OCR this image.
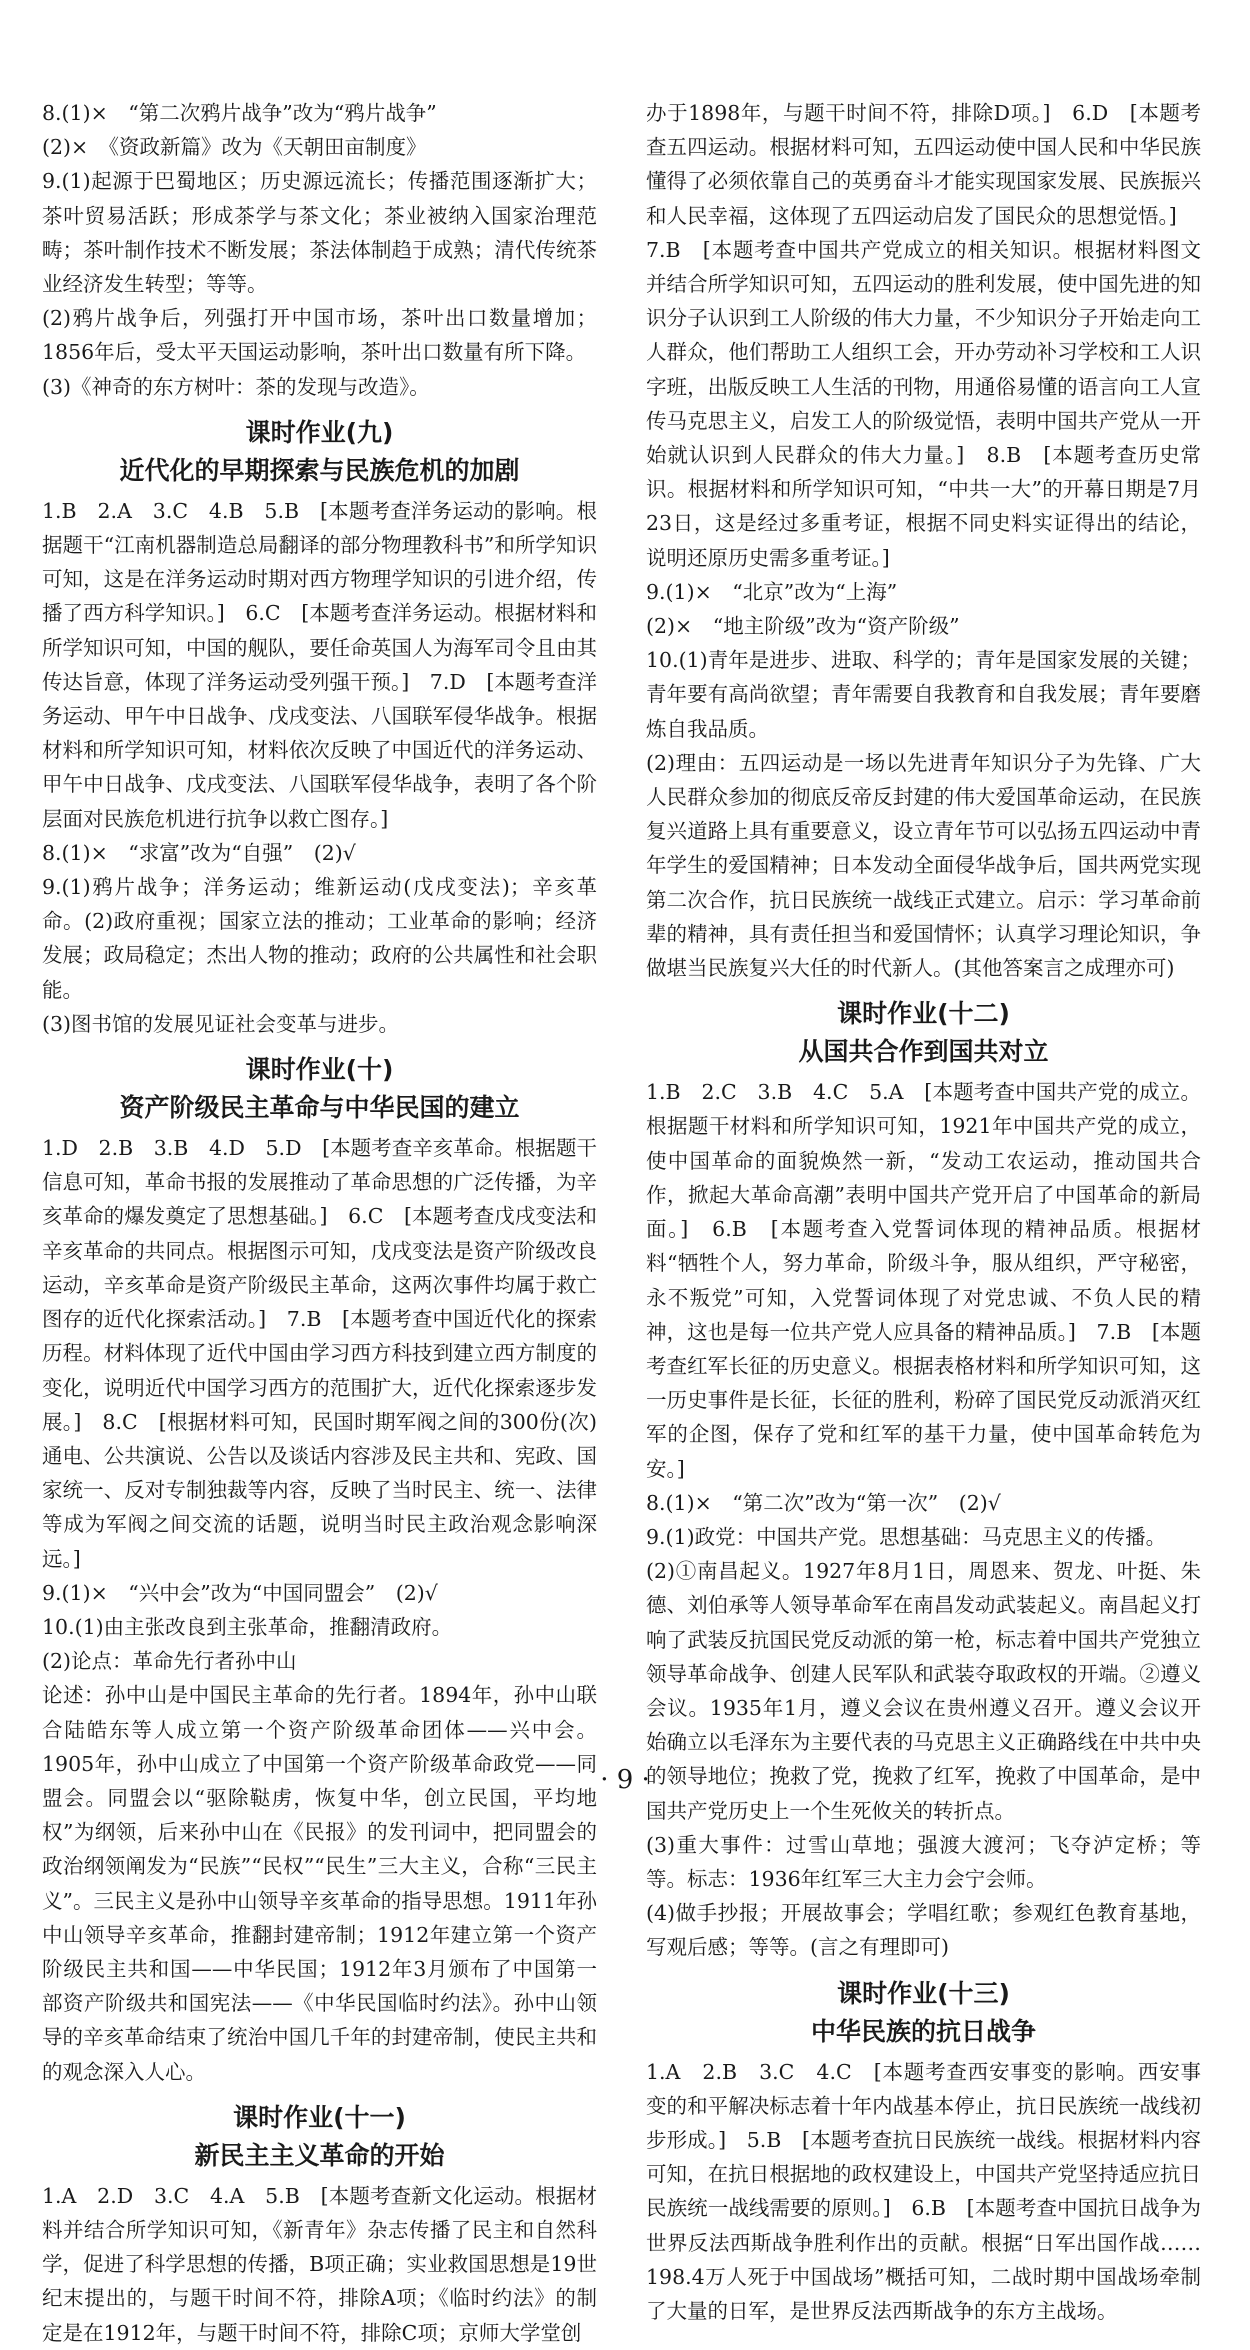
8.(1)×　“第二次鸦片战争”改为“鸦片战争”

(2)×　《资政新篇》改为《天朝田亩制度》

9.(1)起源于巴蜀地区；历史源远流长；传播范围逐渐扩大；茶叶贸易活跃；形成茶学与茶文化；茶业被纳入国家治理范畴；茶叶制作技术不断发展；茶法体制趋于成熟；清代传统茶业经济发生转型；等等。

(2)鸦片战争后，列强打开中国市场，茶叶出口数量增加；1856年后，受太平天国运动影响，茶叶出口数量有所下降。

(3)《神奇的东方树叶：茶的发现与改造》。

课时作业(九)
近代化的早期探索与民族危机的加剧

1.B　2.A　3.C　4.B　5.B　[本题考查洋务运动的影响。根据题干“江南机器制造总局翻译的部分物理教科书”和所学知识可知，这是在洋务运动时期对西方物理学知识的引进介绍，传播了西方科学知识。]　6.C　[本题考查洋务运动。根据材料和所学知识可知，中国的舰队，要任命英国人为海军司令且由其传达旨意，体现了洋务运动受列强干预。]　7.D　[本题考查洋务运动、甲午中日战争、戊戌变法、八国联军侵华战争。根据材料和所学知识可知，材料依次反映了中国近代的洋务运动、甲午中日战争、戊戌变法、八国联军侵华战争，表明了各个阶层面对民族危机进行抗争以救亡图存。]

8.(1)×　“求富”改为“自强”　(2)√

9.(1)鸦片战争；洋务运动；维新运动(戊戌变法)；辛亥革命。(2)政府重视；国家立法的推动；工业革命的影响；经济发展；政局稳定；杰出人物的推动；政府的公共属性和社会职能。

(3)图书馆的发展见证社会变革与进步。

课时作业(十)
资产阶级民主革命与中华民国的建立

1.D　2.B　3.B　4.D　5.D　[本题考查辛亥革命。根据题干信息可知，革命书报的发展推动了革命思想的广泛传播，为辛亥革命的爆发奠定了思想基础。]　6.C　[本题考查戊戌变法和辛亥革命的共同点。根据图示可知，戊戌变法是资产阶级改良运动，辛亥革命是资产阶级民主革命，这两次事件均属于救亡图存的近代化探索活动。]　7.B　[本题考查中国近代化的探索历程。材料体现了近代中国由学习西方科技到建立西方制度的变化，说明近代中国学习西方的范围扩大，近代化探索逐步发展。]　8.C　[根据材料可知，民国时期军阀之间的300份(次)通电、公共演说、公告以及谈话内容涉及民主共和、宪政、国家统一、反对专制独裁等内容，反映了当时民主、统一、法律等成为军阀之间交流的话题，说明当时民主政治观念影响深远。]

9.(1)×　“兴中会”改为“中国同盟会”　(2)√

10.(1)由主张改良到主张革命，推翻清政府。

(2)论点：革命先行者孙中山

论述：孙中山是中国民主革命的先行者。1894年，孙中山联合陆皓东等人成立第一个资产阶级革命团体——兴中会。1905年，孙中山成立了中国第一个资产阶级革命政党——同盟会。同盟会以“驱除鞑虏，恢复中华，创立民国，平均地权”为纲领，后来孙中山在《民报》的发刊词中，把同盟会的政治纲领阐发为“民族”“民权”“民生”三大主义，合称“三民主义”。三民主义是孙中山领导辛亥革命的指导思想。1911年孙中山领导辛亥革命，推翻封建帝制；1912年建立第一个资产阶级民主共和国——中华民国；1912年3月颁布了中国第一部资产阶级共和国宪法——《中华民国临时约法》。孙中山领导的辛亥革命结束了统治中国几千年的封建帝制，使民主共和的观念深入人心。

课时作业(十一)
新民主主义革命的开始

1.A　2.D　3.C　4.A　5.B　[本题考查新文化运动。根据材料并结合所学知识可知，《新青年》杂志传播了民主和自然科学，促进了科学思想的传播，B项正确；实业救国思想是19世纪末提出的，与题干时间不符，排除A项；《临时约法》的制定是在1912年，与题干时间不符，排除C项；京师大学堂创

办于1898年，与题干时间不符，排除D项。]　6.D　[本题考查五四运动。根据材料可知，五四运动使中国人民和中华民族懂得了必须依靠自己的英勇奋斗才能实现国家发展、民族振兴和人民幸福，这体现了五四运动启发了国民众的思想觉悟。]

7.B　[本题考查中国共产党成立的相关知识。根据材料图文并结合所学知识可知，五四运动的胜利发展，使中国先进的知识分子认识到工人阶级的伟大力量，不少知识分子开始走向工人群众，他们帮助工人组织工会，开办劳动补习学校和工人识字班，出版反映工人生活的刊物，用通俗易懂的语言向工人宣传马克思主义，启发工人的阶级觉悟，表明中国共产党从一开始就认识到人民群众的伟大力量。]　8.B　[本题考查历史常识。根据材料和所学知识可知，“中共一大”的开幕日期是7月23日，这是经过多重考证，根据不同史料实证得出的结论，说明还原历史需多重考证。]

9.(1)×　“北京”改为“上海”

(2)×　“地主阶级”改为“资产阶级”

10.(1)青年是进步、进取、科学的；青年是国家发展的关键；青年要有高尚欲望；青年需要自我教育和自我发展；青年要磨炼自我品质。

(2)理由：五四运动是一场以先进青年知识分子为先锋、广大人民群众参加的彻底反帝反封建的伟大爱国革命运动，在民族复兴道路上具有重要意义，设立青年节可以弘扬五四运动中青年学生的爱国精神；日本发动全面侵华战争后，国共两党实现第二次合作，抗日民族统一战线正式建立。启示：学习革命前辈的精神，具有责任担当和爱国情怀；认真学习理论知识，争做堪当民族复兴大任的时代新人。(其他答案言之成理亦可)

课时作业(十二)
从国共合作到国共对立

1.B　2.C　3.B　4.C　5.A　[本题考查中国共产党的成立。根据题干材料和所学知识可知，1921年中国共产党的成立，使中国革命的面貌焕然一新，“发动工农运动，推动国共合作，掀起大革命高潮”表明中国共产党开启了中国革命的新局面。]　6.B　[本题考查入党誓词体现的精神品质。根据材料“牺牲个人，努力革命，阶级斗争，服从组织，严守秘密，永不叛党”可知，入党誓词体现了对党忠诚、不负人民的精神，这也是每一位共产党人应具备的精神品质。]　7.B　[本题考查红军长征的历史意义。根据表格材料和所学知识可知，这一历史事件是长征，长征的胜利，粉碎了国民党反动派消灭红军的企图，保存了党和红军的基干力量，使中国革命转危为安。]

8.(1)×　“第二次”改为“第一次”　(2)√

9.(1)政党：中国共产党。思想基础：马克思主义的传播。

(2)①南昌起义。1927年8月1日，周恩来、贺龙、叶挺、朱德、刘伯承等人领导革命军在南昌发动武装起义。南昌起义打响了武装反抗国民党反动派的第一枪，标志着中国共产党独立领导革命战争、创建人民军队和武装夺取政权的开端。②遵义会议。1935年1月，遵义会议在贵州遵义召开。遵义会议开始确立以毛泽东为主要代表的马克思主义正确路线在中共中央的领导地位；挽救了党，挽救了红军，挽救了中国革命，是中国共产党历史上一个生死攸关的转折点。

(3)重大事件：过雪山草地；强渡大渡河；飞夺泸定桥；等等。标志：1936年红军三大主力会宁会师。

(4)做手抄报；开展故事会；学唱红歌；参观红色教育基地，写观后感；等等。(言之有理即可)

课时作业(十三)
中华民族的抗日战争

1.A　2.B　3.C　4.C　[本题考查西安事变的影响。西安事变的和平解决标志着十年内战基本停止，抗日民族统一战线初步形成。]　5.B　[本题考查抗日民族统一战线。根据材料内容可知，在抗日根据地的政权建设上，中国共产党坚持适应抗日民族统一战线需要的原则。]　6.B　[本题考查中国抗日战争为世界反法西斯战争胜利作出的贡献。根据“日军出国作战……198.4万人死于中国战场”概括可知，二战时期中国战场牵制了大量的日军，是世界反法西斯战争的东方主战场。

· 9 ·
